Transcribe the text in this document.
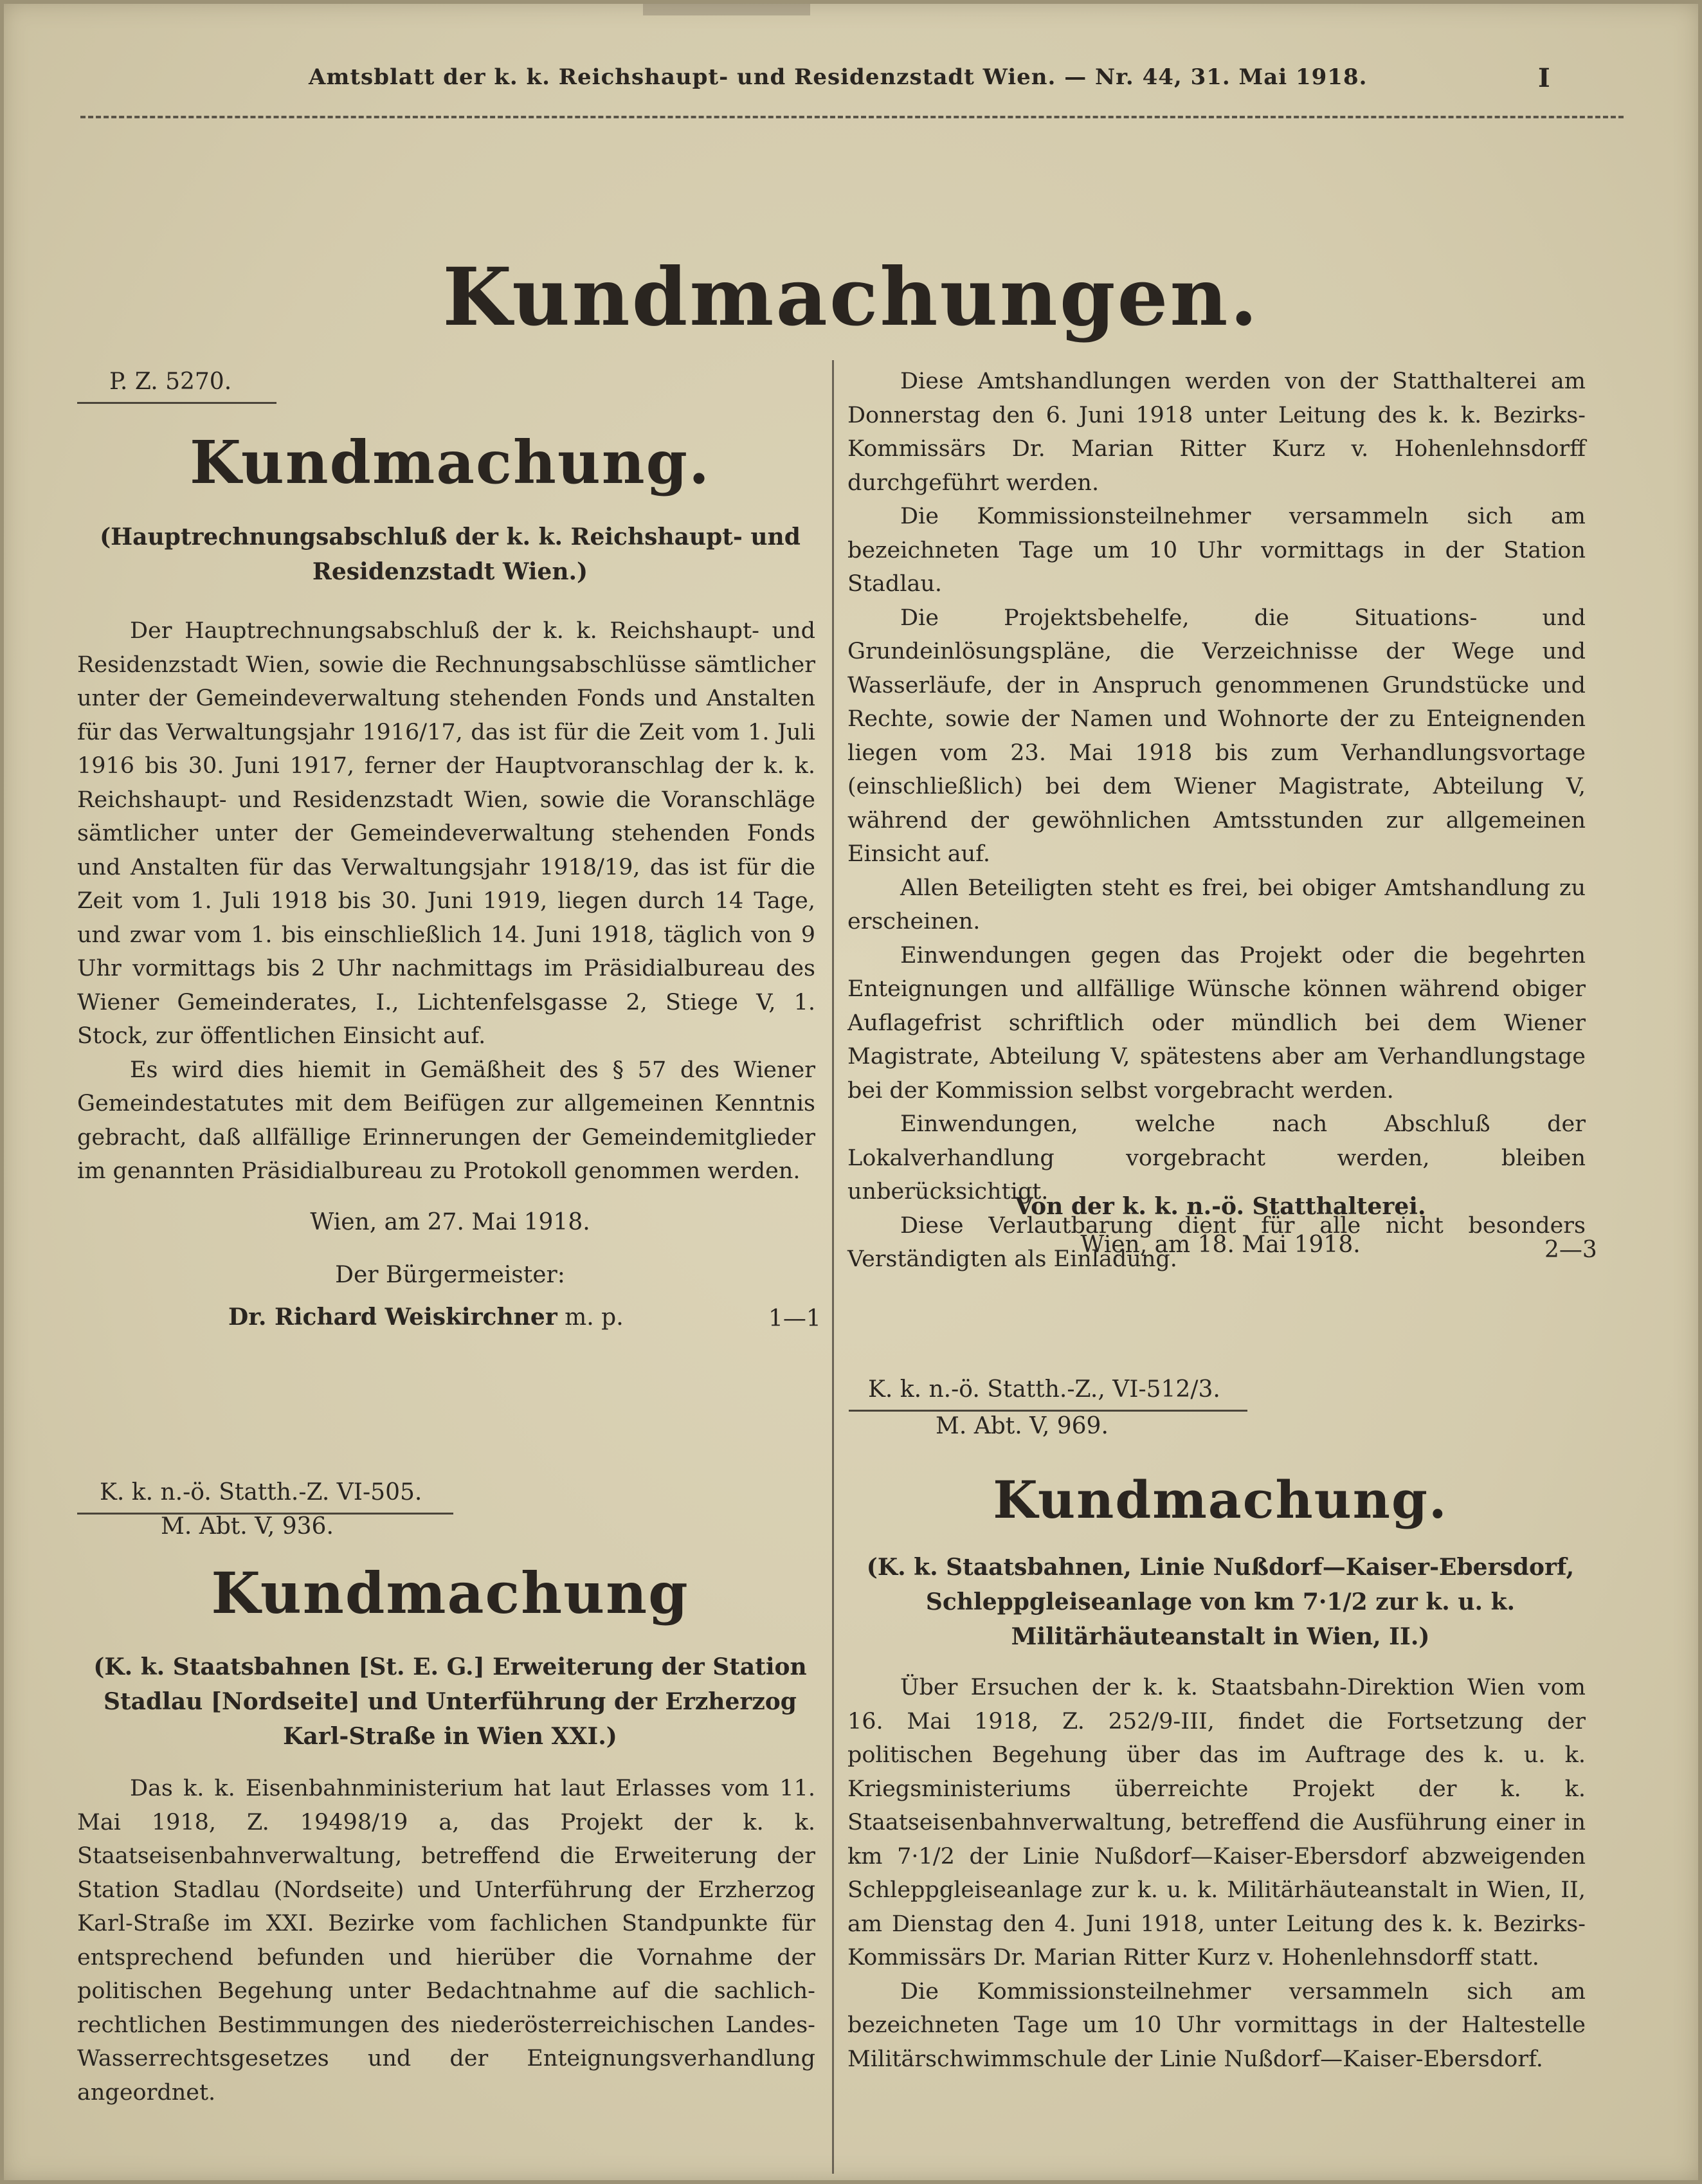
Amtsblatt der k. k. Reichshaupt- und Residenzstadt Wien. — Nr. 44, 31. Mai 1918.	I
Kundmachungen.
P. Z. 5270.
Kundmachung.
(Hauptrechnungsabschluß der k. k. Reichshaupt- und Residenzstadt Wien.)

Der Hauptrechnungsabschluß der k. k. Reichshaupt- und Residenzstadt Wien, sowie die Rechnungsabschlüsse sämtlicher unter der Gemeindeverwaltung stehenden Fonds und Anstalten für das Verwaltungsjahr 1916/17, das ist für die Zeit vom 1. Juli 1916 bis 30. Juni 1917, ferner der Hauptvoranschlag der k. k. Reichshaupt- und Residenzstadt Wien, sowie die Voranschläge sämtlicher unter der Gemeindeverwaltung stehenden Fonds und Anstalten für das Verwaltungsjahr 1918/19, das ist für die Zeit vom 1. Juli 1918 bis 30. Juni 1919, liegen durch 14 Tage, und zwar vom 1. bis einschließlich 14. Juni 1918, täglich von 9 Uhr vormittags bis 2 Uhr nachmittags im Präsidialbureau des Wiener Gemeinderates, I., Lichtenfelsgasse 2, Stiege V, 1. Stock, zur öffentlichen Einsicht auf.

Es wird dies hiemit in Gemäßheit des § 57 des Wiener Gemeindestatutes mit dem Beifügen zur allgemeinen Kenntnis gebracht, daß allfällige Erinnerungen der Gemeindemitglieder im genannten Präsidialbureau zu Protokoll genommen werden.

Wien, am 27. Mai 1918.
Der Bürgermeister:
Dr. Richard Weiskirchner m. p.	1—1
K. k. n.-ö. Statth.-Z. VI-505.
M. Abt. V, 936.
Kundmachung
(K. k. Staatsbahnen [St. E. G.] Erweiterung der Station Stadlau [Nordseite] und Unterführung der Erzherzog Karl-Straße in Wien XXI.)

Das k. k. Eisenbahnministerium hat laut Erlasses vom 11. Mai 1918, Z. 19498/19 a, das Projekt der k. k. Staatseisenbahnverwaltung, betreffend die Erweiterung der Station Stadlau (Nordseite) und Unterführung der Erzherzog Karl-Straße im XXI. Bezirke vom fachlichen Standpunkte für entsprechend befunden und hierüber die Vornahme der politischen Begehung unter Bedachtnahme auf die sachlich-rechtlichen Bestimmungen des niederösterreichischen Landes-Wasserrechtsgesetzes und der Enteignungsverhandlung angeordnet.

Diese Amtshandlungen werden von der Statthalterei am Donnerstag den 6. Juni 1918 unter Leitung des k. k. Bezirks-Kommissärs Dr. Marian Ritter Kurz v. Hohenlehnsdorff durchgeführt werden.

Die Kommissionsteilnehmer versammeln sich am bezeichneten Tage um 10 Uhr vormittags in der Station Stadlau.

Die Projektsbehelfe, die Situations- und Grundeinlösungspläne, die Verzeichnisse der Wege und Wasserläufe, der in Anspruch genommenen Grundstücke und Rechte, sowie der Namen und Wohnorte der zu Enteignenden liegen vom 23. Mai 1918 bis zum Verhandlungsvortage (einschließlich) bei dem Wiener Magistrate, Abteilung V, während der gewöhnlichen Amtsstunden zur allgemeinen Einsicht auf.

Allen Beteiligten steht es frei, bei obiger Amtshandlung zu erscheinen.

Einwendungen gegen das Projekt oder die begehrten Enteignungen und allfällige Wünsche können während obiger Auflagefrist schriftlich oder mündlich bei dem Wiener Magistrate, Abteilung V, spätestens aber am Verhandlungstage bei der Kommission selbst vorgebracht werden.

Einwendungen, welche nach Abschluß der Lokalverhandlung vorgebracht werden, bleiben unberücksichtigt.

Diese Verlautbarung dient für alle nicht besonders Verständigten als Einladung.

Von der k. k. n.-ö. Statthalterei.
Wien, am 18. Mai 1918.	2—3
K. k. n.-ö. Statth.-Z., VI-512/3.
M. Abt. V, 969.
Kundmachung.
(K. k. Staatsbahnen, Linie Nußdorf—Kaiser-Ebersdorf, Schleppgleiseanlage von km 7·1/2 zur k. u. k. Militärhäuteanstalt in Wien, II.)

Über Ersuchen der k. k. Staatsbahn-Direktion Wien vom 16. Mai 1918, Z. 252/9-III, findet die Fortsetzung der politischen Begehung über das im Auftrage des k. u. k. Kriegsministeriums überreichte Projekt der k. k. Staatseisenbahnverwaltung, betreffend die Ausführung einer in km 7·1/2 der Linie Nußdorf—Kaiser-Ebersdorf abzweigenden Schleppgleiseanlage zur k. u. k. Militärhäuteanstalt in Wien, II, am Dienstag den 4. Juni 1918, unter Leitung des k. k. Bezirks-Kommissärs Dr. Marian Ritter Kurz v. Hohenlehnsdorff statt.

Die Kommissionsteilnehmer versammeln sich am bezeichneten Tage um 10 Uhr vormittags in der Haltestelle Militärschwimmschule der Linie Nußdorf—Kaiser-Ebersdorf.
